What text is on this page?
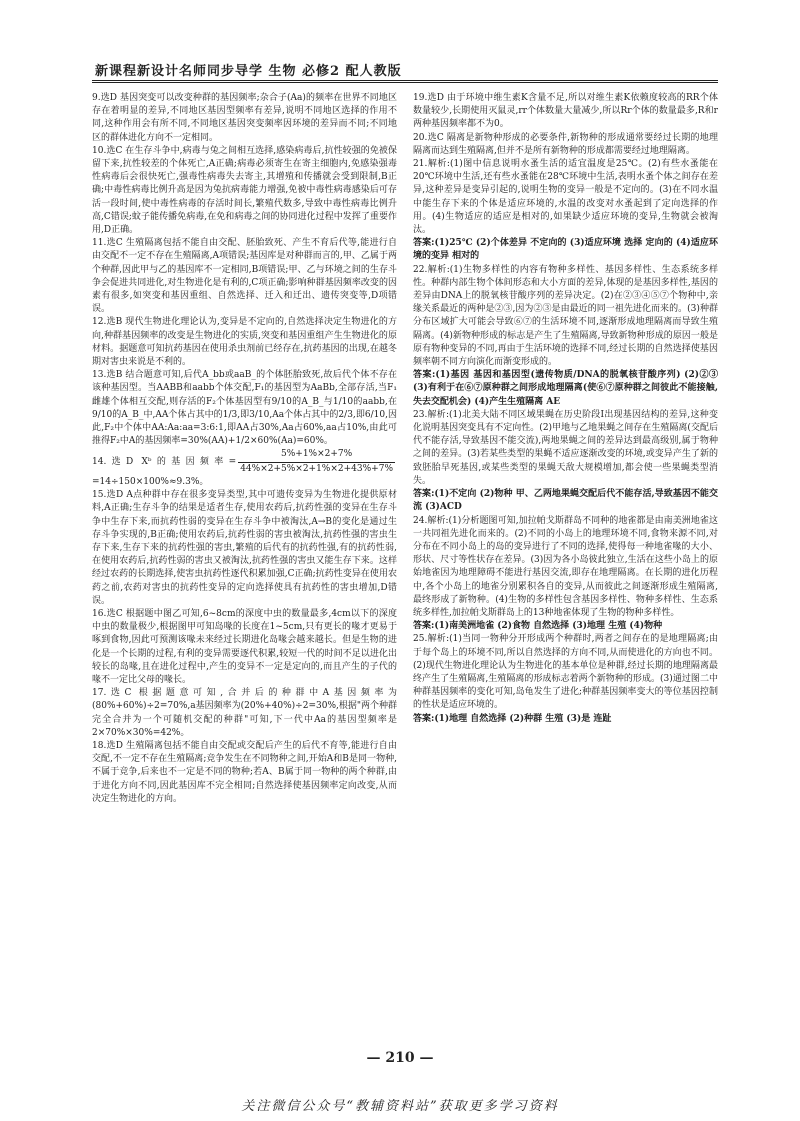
新课程新设计名师同步导学 生物 必修2 配人教版
9.选D 基因突变可以改变种群的基因频率;杂合子(Aa)的频率在世界不同地区存在着明显的差异,不同地区基因型频率有差异,说明不同地区选择的作用不同,这种作用会有所不同,不同地区基因突变频率因环境的差异而不同;不同地区的群体进化方向不一定相同。
10.选C 在生存斗争中,病毒与兔之间相互选择,感染病毒后,抗性较强的免被保留下来,抗性较差的个体死亡,A正确;病毒必须寄生在寄主细胞内,免感染强毒性病毒后会很快死亡,强毒性病毒失去寄主,其增殖和传播就会受到限制,B正确;中毒性病毒比例升高是因为兔抗病毒能力增强,免被中毒性病毒感染后可存活一段时间,使中毒性病毒的存活时间长,繁殖代数多,导致中毒性病毒比例升高,C错误;蚊子能传播免病毒,在免和病毒之间的协同进化过程中发挥了重要作用,D正确。
11.选C 生殖隔离包括不能自由交配、胚胎致死、产生不育后代等,能进行自由交配不一定不存在生殖隔离,A项错误;基因库是对种群而言的,甲、乙属于两个种群,因此甲与乙的基因库不一定相同,B项错误;甲、乙与环境之间的生存斗争会促进共同进化,对生物进化是有利的,C项正确;影响种群基因频率改变的因素有很多,如突变和基因重组、自然选择、迁入和迁出、遗传突变等,D项错误。
12.选B 现代生物进化理论认为,变异是不定向的,自然选择决定生物进化的方向,种群基因频率的改变是生物进化的实质,突变和基因重组产生生物进化的原材料。据题意可知抗药基因在使用杀虫剂前已经存在,抗药基因的出现,在越冬期对害虫来说是不利的。
13.选B 结合题意可知,后代A_bb或aaB_的个体胚胎致死,故后代个体不存在该种基因型。当AABB和aabb个体交配,F₁的基因型为AaBb,全部存活,当F₁雌雄个体相互交配,则存活的F₂个体基因型有9/10的A_B_与1/10的aabb,在9/10的A_B_中,AA个体占其中的1/3,即3/10,Aa个体占其中的2/3,即6/10,因此,F₂中个体中AA:Aa:aa=3:6:1,即AA占30%,Aa占60%,aa占10%,由此可推得F₂中A的基因频率=30%(AA)+1/2×60%(Aa)=60%。
14.选D Xᵇ的基因频率= $\frac{5\%+1\%\times 2+7\%}{44\%\times 2+5\%\times 2+1\%\times 2+43\%+7\%}$
=14÷150×100%≈9.3%。
15.选D A点种群中存在很多变异类型,其中可遗传变异为生物进化提供原材料,A正确;生存斗争的结果是适者生存,使用农药后,抗药性强的变异在生存斗争中生存下来,而抗药性弱的变异在生存斗争中被淘汰,A→B的变化是通过生存斗争实现的,B正确;使用农药后,抗药性弱的害虫被淘汰,抗药性强的害虫生存下来,生存下来的抗药性强的害虫,繁殖的后代有的抗药性强,有的抗药性弱,在使用农药后,抗药性弱的害虫又被淘汰,抗药性强的害虫又能生存下来。这样经过农药的长期选择,使害虫抗药性逐代积累加强,C正确;抗药性变异在使用农药之前,农药对害虫的抗药性变异的定向选择使具有抗药性的害虫增加,D错误。
16.选C 根据题中图乙可知,6~8cm的深度中虫的数量最多,4cm以下的深度中虫的数量极少,根据图甲可知岛喙的长度在1~5cm,只有更长的喙才更易于啄到食物,因此可预测该喙未来经过长期进化岛喙会越来越长。但是生物的进化是一个长期的过程,有利的变异需要逐代积累,较短一代的时间不足以进化出较长的岛喙,且在进化过程中,产生的变异不一定是定向的,而且产生的子代的喙不一定比父母的喙长。
17.选C 根据题意可知,合并后的种群中A基因频率为(80%+60%)÷2=70%,a基因频率为(20%+40%)÷2=30%,根据"两个种群完全合并为一个可随机交配的种群"可知,下一代中Aa的基因型频率是2×70%×30%=42%。
18.选D 生殖隔离包括不能自由交配或交配后产生的后代不育等,能进行自由交配,不一定不存在生殖隔离;竞争发生在不同物种之间,开始A和B是同一物种,不属于竞争,后来也不一定是不同的物种;若A、B属于同一物种的两个种群,由于进化方向不同,因此基因库不完全相同;自然选择使基因频率定向改变,从而决定生物进化的方向。
19.选D 由于环境中维生素K含量不足,所以对维生素K依赖度较高的RR个体数量较少,长期使用灭鼠灵,rr个体数量大量减少,所以Rr个体的数量最多,R和r两种基因频率都不为0。
20.选C 隔离是新物种形成的必要条件,新物种的形成通常要经过长期的地理隔离而达到生殖隔离,但并不是所有新物种的形成都需要经过地理隔离。
21.解析:(1)图中信息说明水蚤生活的适宜温度是25℃。(2)有些水蚤能在20℃环境中生活,还有些水蚤能在28℃环境中生活,表明水蚤个体之间存在差异,这种差异是变异引起的,说明生物的变异一般是不定向的。(3)在不同水温中能生存下来的个体是适应环境的,水温的改变对水蚤起到了定向选择的作用。(4)生物适应的适应是相对的,如果缺少适应环境的变异,生物就会被淘汰。
答案:(1)25℃ (2)个体差异 不定向的 (3)适应环境 选择 定向的 (4)适应环境的变异 相对的
22.解析:(1)生物多样性的内容有物种多样性、基因多样性、生态系统多样性。种群内部生物个体间形态和大小方面的差异,体现的是基因多样性,基因的差异由DNA上的脱氧核苷酸序列的差异决定。(2)在②③④⑤⑦个物种中,亲缘关系最近的两种是②③,因为②③是由最近的同一祖先进化而来的。(3)种群分布区域扩大可能会导致⑥⑦的生活环境不同,逐渐形成地理隔离而导致生殖隔离。(4)新物种形成的标志是产生了生殖隔离,导致新物种形成的原因一般是原有物种变异的不同,再由于生活环境的选择不同,经过长期的自然选择使基因频率朝不同方向演化而渐变形成的。
答案:(1)基因 基因和基因型(遗传物质/DNA的脱氧核苷酸序列) (2)②③ (3)有利于在⑥⑦原种群之间形成地理隔离(使⑥⑦原种群之间彼此不能接触,失去交配机会) (4)产生生殖隔离 AE
23.解析:(1)北美大陆不同区域果蝇在历史阶段Ⅰ出现基因结构的差异,这种变化说明基因突变具有不定向性。(2)甲地与乙地果蝇之间存在生殖隔离(交配后代不能存活,导致基因不能交流),两地果蝇之间的差异达到最高级别,属于物种之间的差异。(3)若某些类型的果蝇不适应逐渐改变的环境,或变异产生了新的致胚胎早死基因,或某些类型的果蝇天敌大规模增加,都会使一些果蝇类型消失。
答案:(1)不定向 (2)物种 甲、乙两地果蝇交配后代不能存活,导致基因不能交流 (3)ACD
24.解析:(1)分析题图可知,加拉帕戈斯群岛不同种的地雀都是由南美洲地雀这一共同祖先进化而来的。(2)不同的小岛上的地理环境不同,食物来源不同,对分布在不同小岛上的岛的变异进行了不同的选择,使得每一种地雀喙的大小、形状、尺寸等性状存在差异。(3)因为各小岛彼此独立,生活在这些小岛上的原始地雀因为地理障碍不能进行基因交流,即存在地理隔离。在长期的进化历程中,各个小岛上的地雀分别累积各自的变异,从而彼此之间逐渐形成生殖隔离,最终形成了新物种。(4)生物的多样性包含基因多样性、物种多样性、生态系统多样性,加拉帕戈斯群岛上的13种地雀体现了生物的物种多样性。
答案:(1)南美洲地雀 (2)食物 自然选择 (3)地理 生殖 (4)物种
25.解析:(1)当同一物种分开形成两个种群时,两者之间存在的是地理隔离;由于每个岛上的环境不同,所以自然选择的方向不同,从而使进化的方向也不同。(2)现代生物进化理论认为生物进化的基本单位是种群,经过长期的地理隔离最终产生了生殖隔离,生殖隔离的形成标志着两个新物种的形成。(3)通过图二中种群基因频率的变化可知,岛龟发生了进化;种群基因频率变大的等位基因控制的性状是适应环境的。
答案:(1)地理 自然选择 (2)种群 生殖 (3)是 连趾
— 210 —
关注微信公众号“教辅资料站”获取更多学习资料
